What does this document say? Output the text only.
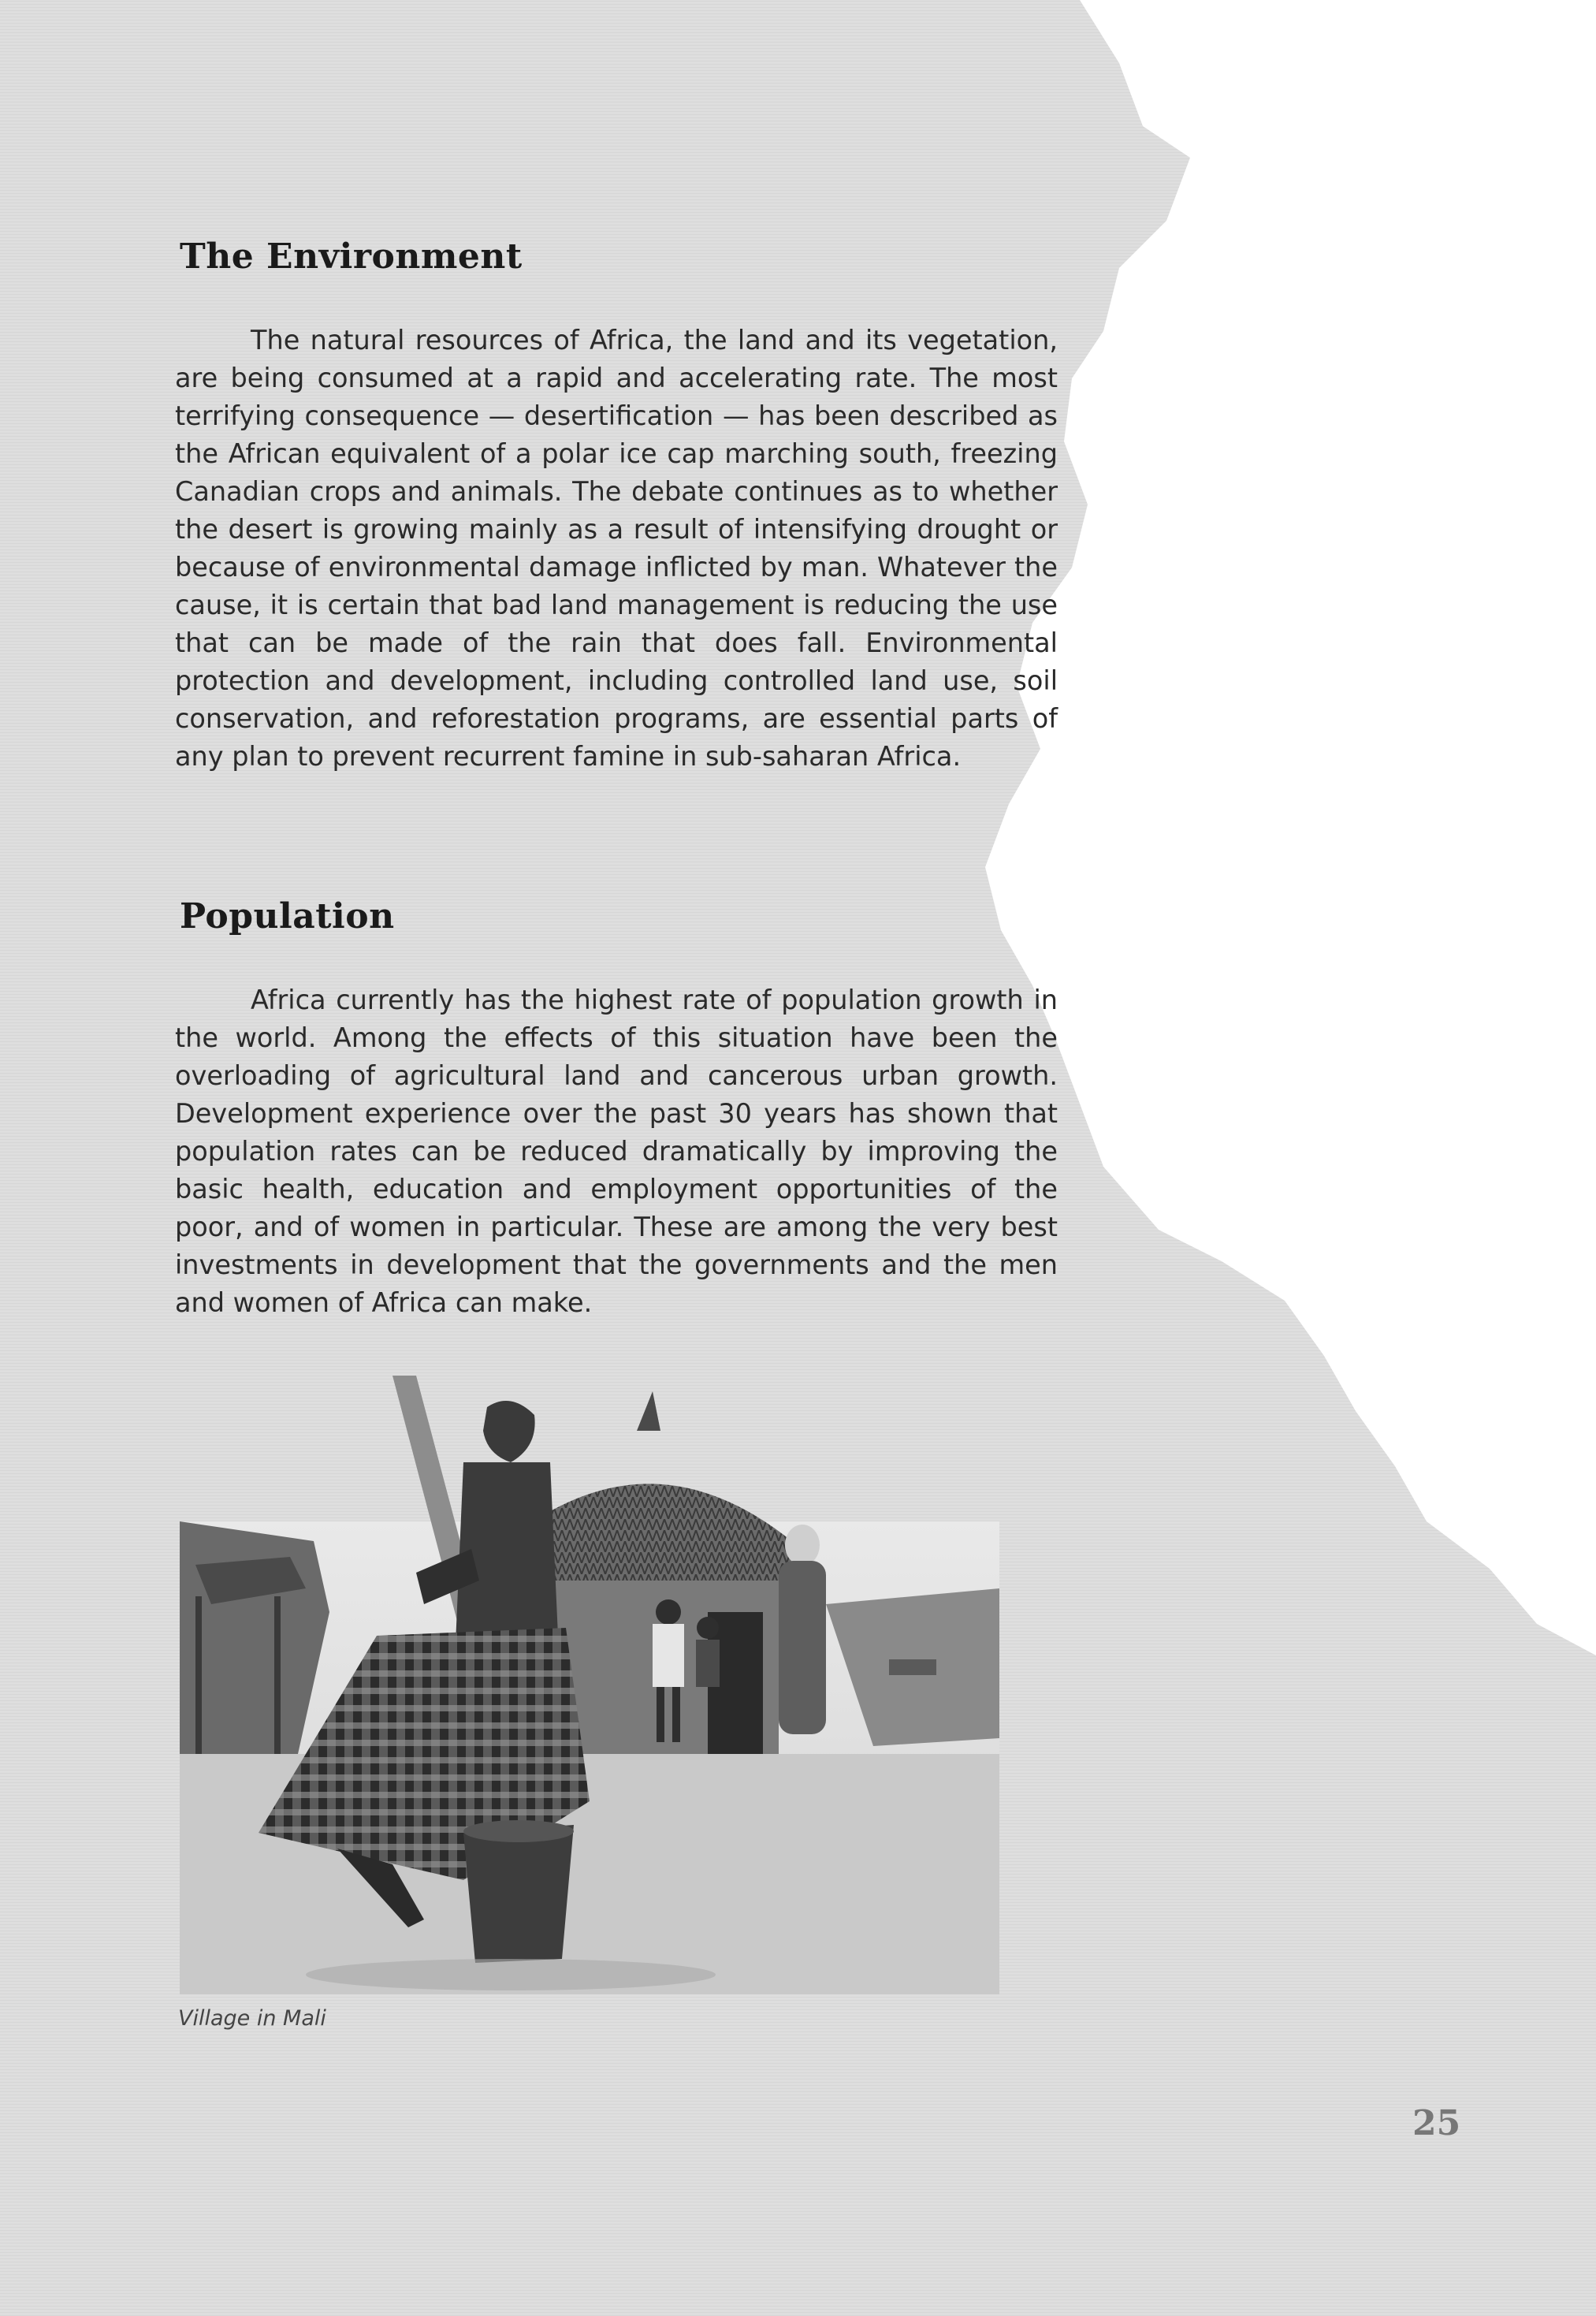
The Environment

The natural resources of Africa, the land and its vegetation, are being consumed at a rapid and accelerating rate. The most terrifying consequence — desertification — has been described as the African equivalent of a polar ice cap marching south, freezing Canadian crops and animals. The debate continues as to whether the desert is growing mainly as a result of intensifying drought or because of environmental damage inflicted by man. Whatever the cause, it is certain that bad land management is reducing the use that can be made of the rain that does fall. Environmental protection and development, including controlled land use, soil conservation, and reforestation programs, are essential parts of any plan to prevent recurrent famine in sub-saharan Africa.

Population

Africa currently has the highest rate of population growth in the world. Among the effects of this situation have been the overloading of agricultural land and cancerous urban growth. Development experience over the past 30 years has shown that population rates can be reduced dramatically by improving the basic health, education and employment opportunities of the poor, and of women in particular. These are among the very best investments in development that the governments and the men and women of Africa can make.

Village in Mali

25
